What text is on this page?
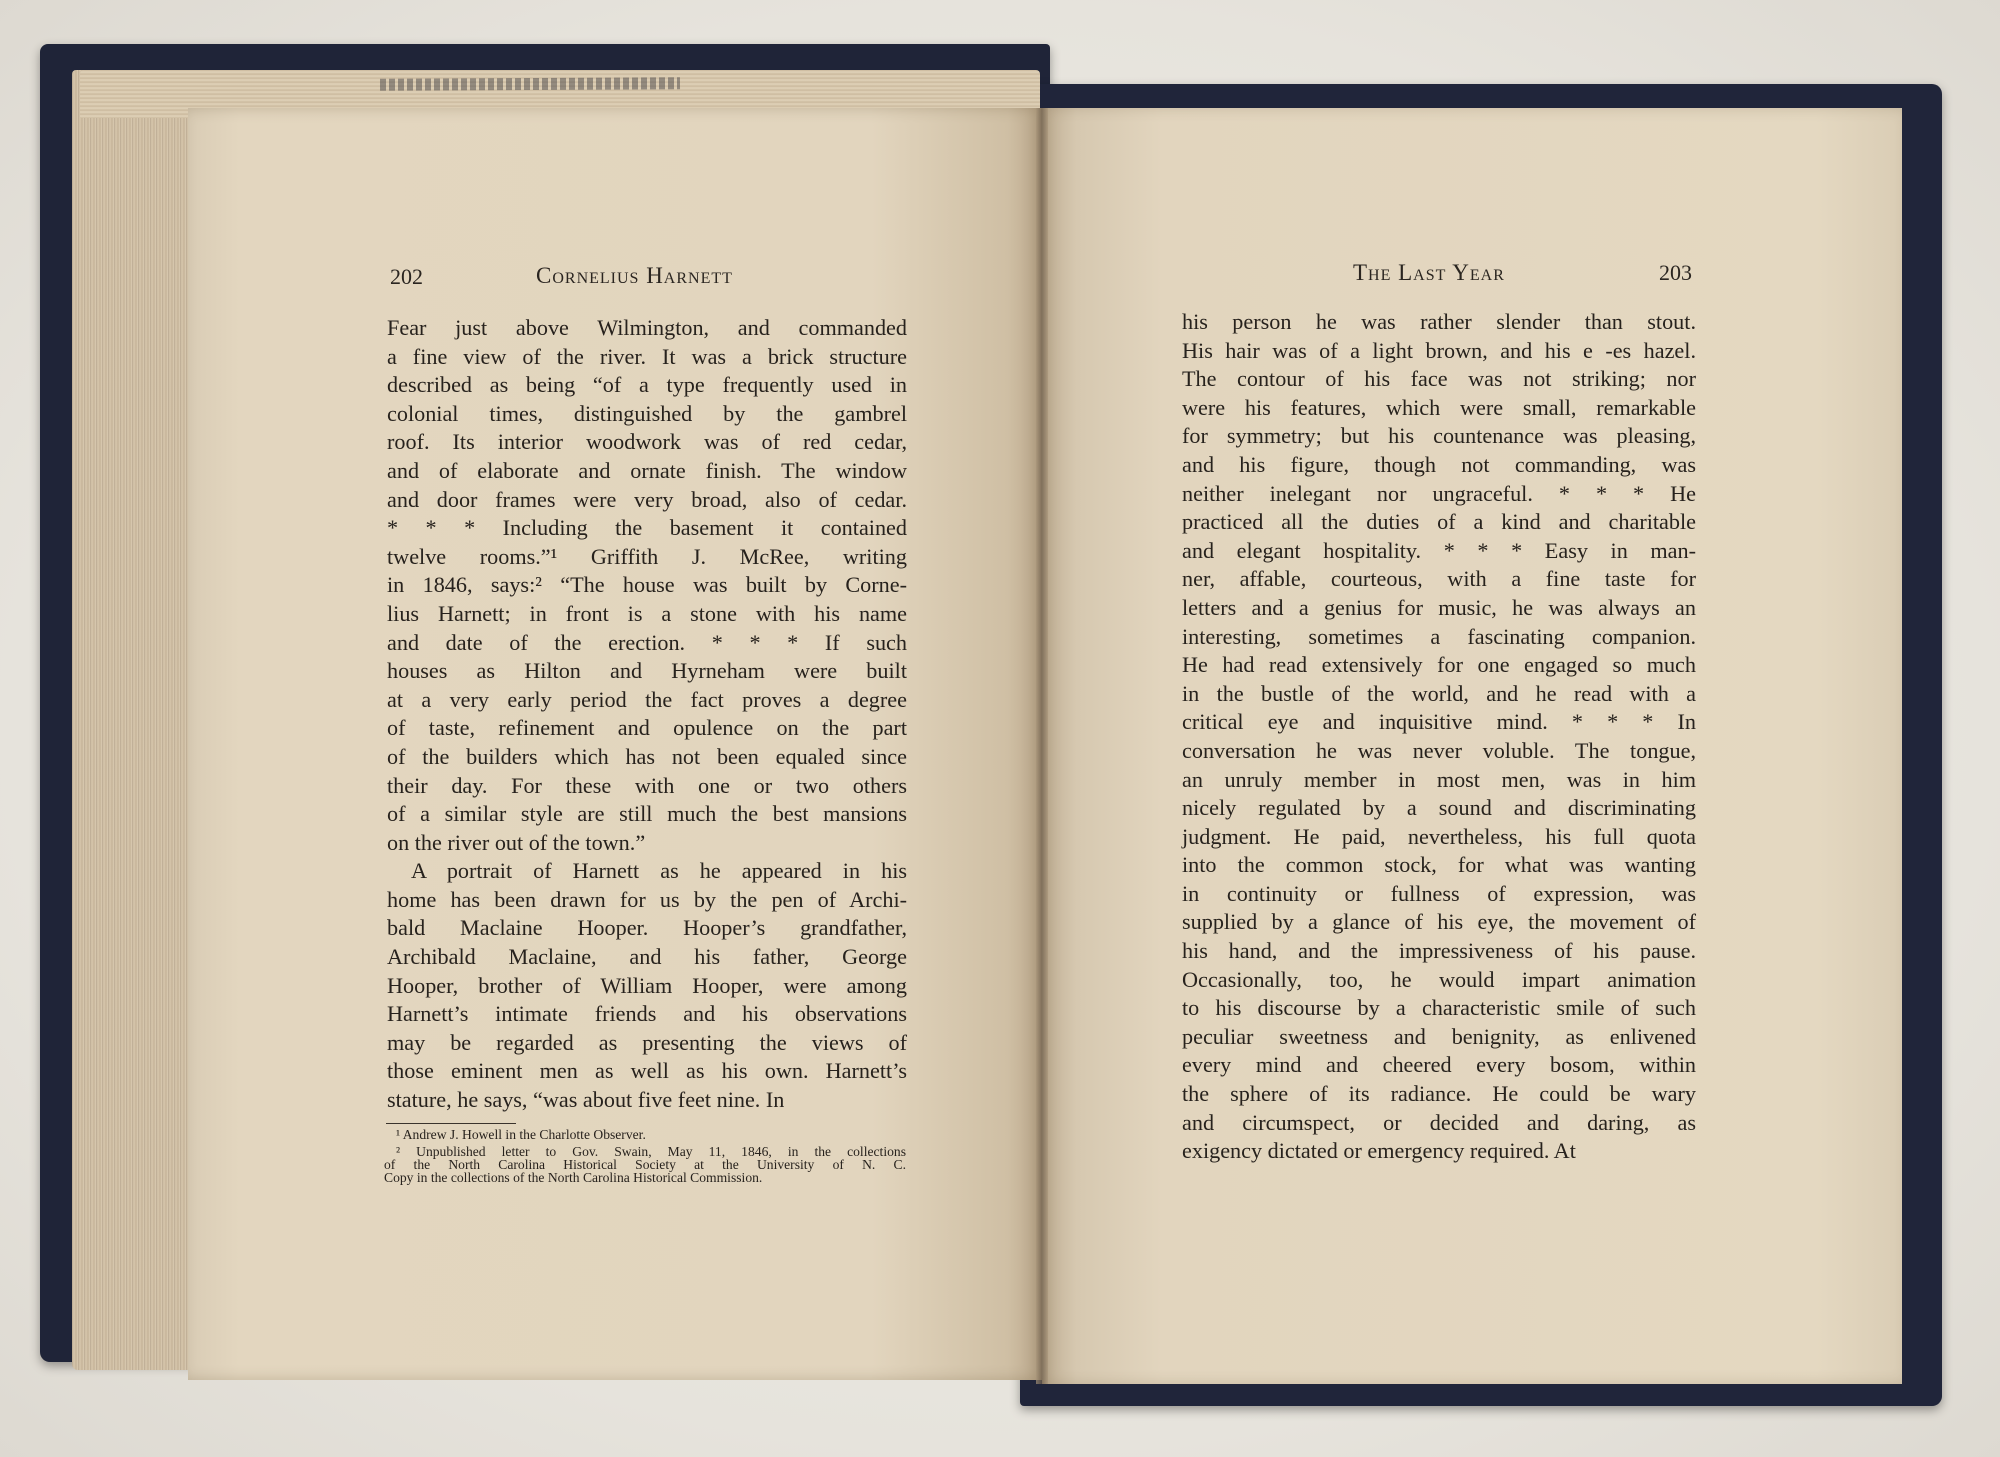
202	Cornelius Harnett
Fear just above Wilmington, and commanded
a fine view of the river. It was a brick structure
described as being “of a type frequently used in
colonial times, distinguished by the gambrel
roof. Its interior woodwork was of red cedar,
and of elaborate and ornate finish. The window
and door frames were very broad, also of cedar.
* * * Including the basement it contained
twelve rooms.”¹ Griffith J. McRee, writing
in 1846, says:² “The house was built by Corne-
lius Harnett; in front is a stone with his name
and date of the erection. * * * If such
houses as Hilton and Hyrneham were built
at a very early period the fact proves a degree
of taste, refinement and opulence on the part
of the builders which has not been equaled since
their day. For these with one or two others
of a similar style are still much the best mansions
on the river out of the town.”
A portrait of Harnett as he appeared in his
home has been drawn for us by the pen of Archi-
bald Maclaine Hooper. Hooper’s grandfather,
Archibald Maclaine, and his father, George
Hooper, brother of William Hooper, were among
Harnett’s intimate friends and his observations
may be regarded as presenting the views of
those eminent men as well as his own. Harnett’s
stature, he says, “was about five feet nine. In
¹ Andrew J. Howell in the Charlotte Observer.
² Unpublished letter to Gov. Swain, May 11, 1846, in the collections
of the North Carolina Historical Society at the University of N. C.
Copy in the collections of the North Carolina Historical Commission.
The Last Year	203
his person he was rather slender than stout.
His hair was of a light brown, and his e -es hazel.
The contour of his face was not striking; nor
were his features, which were small, remarkable
for symmetry; but his countenance was pleasing,
and his figure, though not commanding, was
neither inelegant nor ungraceful. * * * He
practiced all the duties of a kind and charitable
and elegant hospitality. * * * Easy in man-
ner, affable, courteous, with a fine taste for
letters and a genius for music, he was always an
interesting, sometimes a fascinating companion.
He had read extensively for one engaged so much
in the bustle of the world, and he read with a
critical eye and inquisitive mind. * * * In
conversation he was never voluble. The tongue,
an unruly member in most men, was in him
nicely regulated by a sound and discriminating
judgment. He paid, nevertheless, his full quota
into the common stock, for what was wanting
in continuity or fullness of expression, was
supplied by a glance of his eye, the movement of
his hand, and the impressiveness of his pause.
Occasionally, too, he would impart animation
to his discourse by a characteristic smile of such
peculiar sweetness and benignity, as enlivened
every mind and cheered every bosom, within
the sphere of its radiance. He could be wary
and circumspect, or decided and daring, as
exigency dictated or emergency required. At
